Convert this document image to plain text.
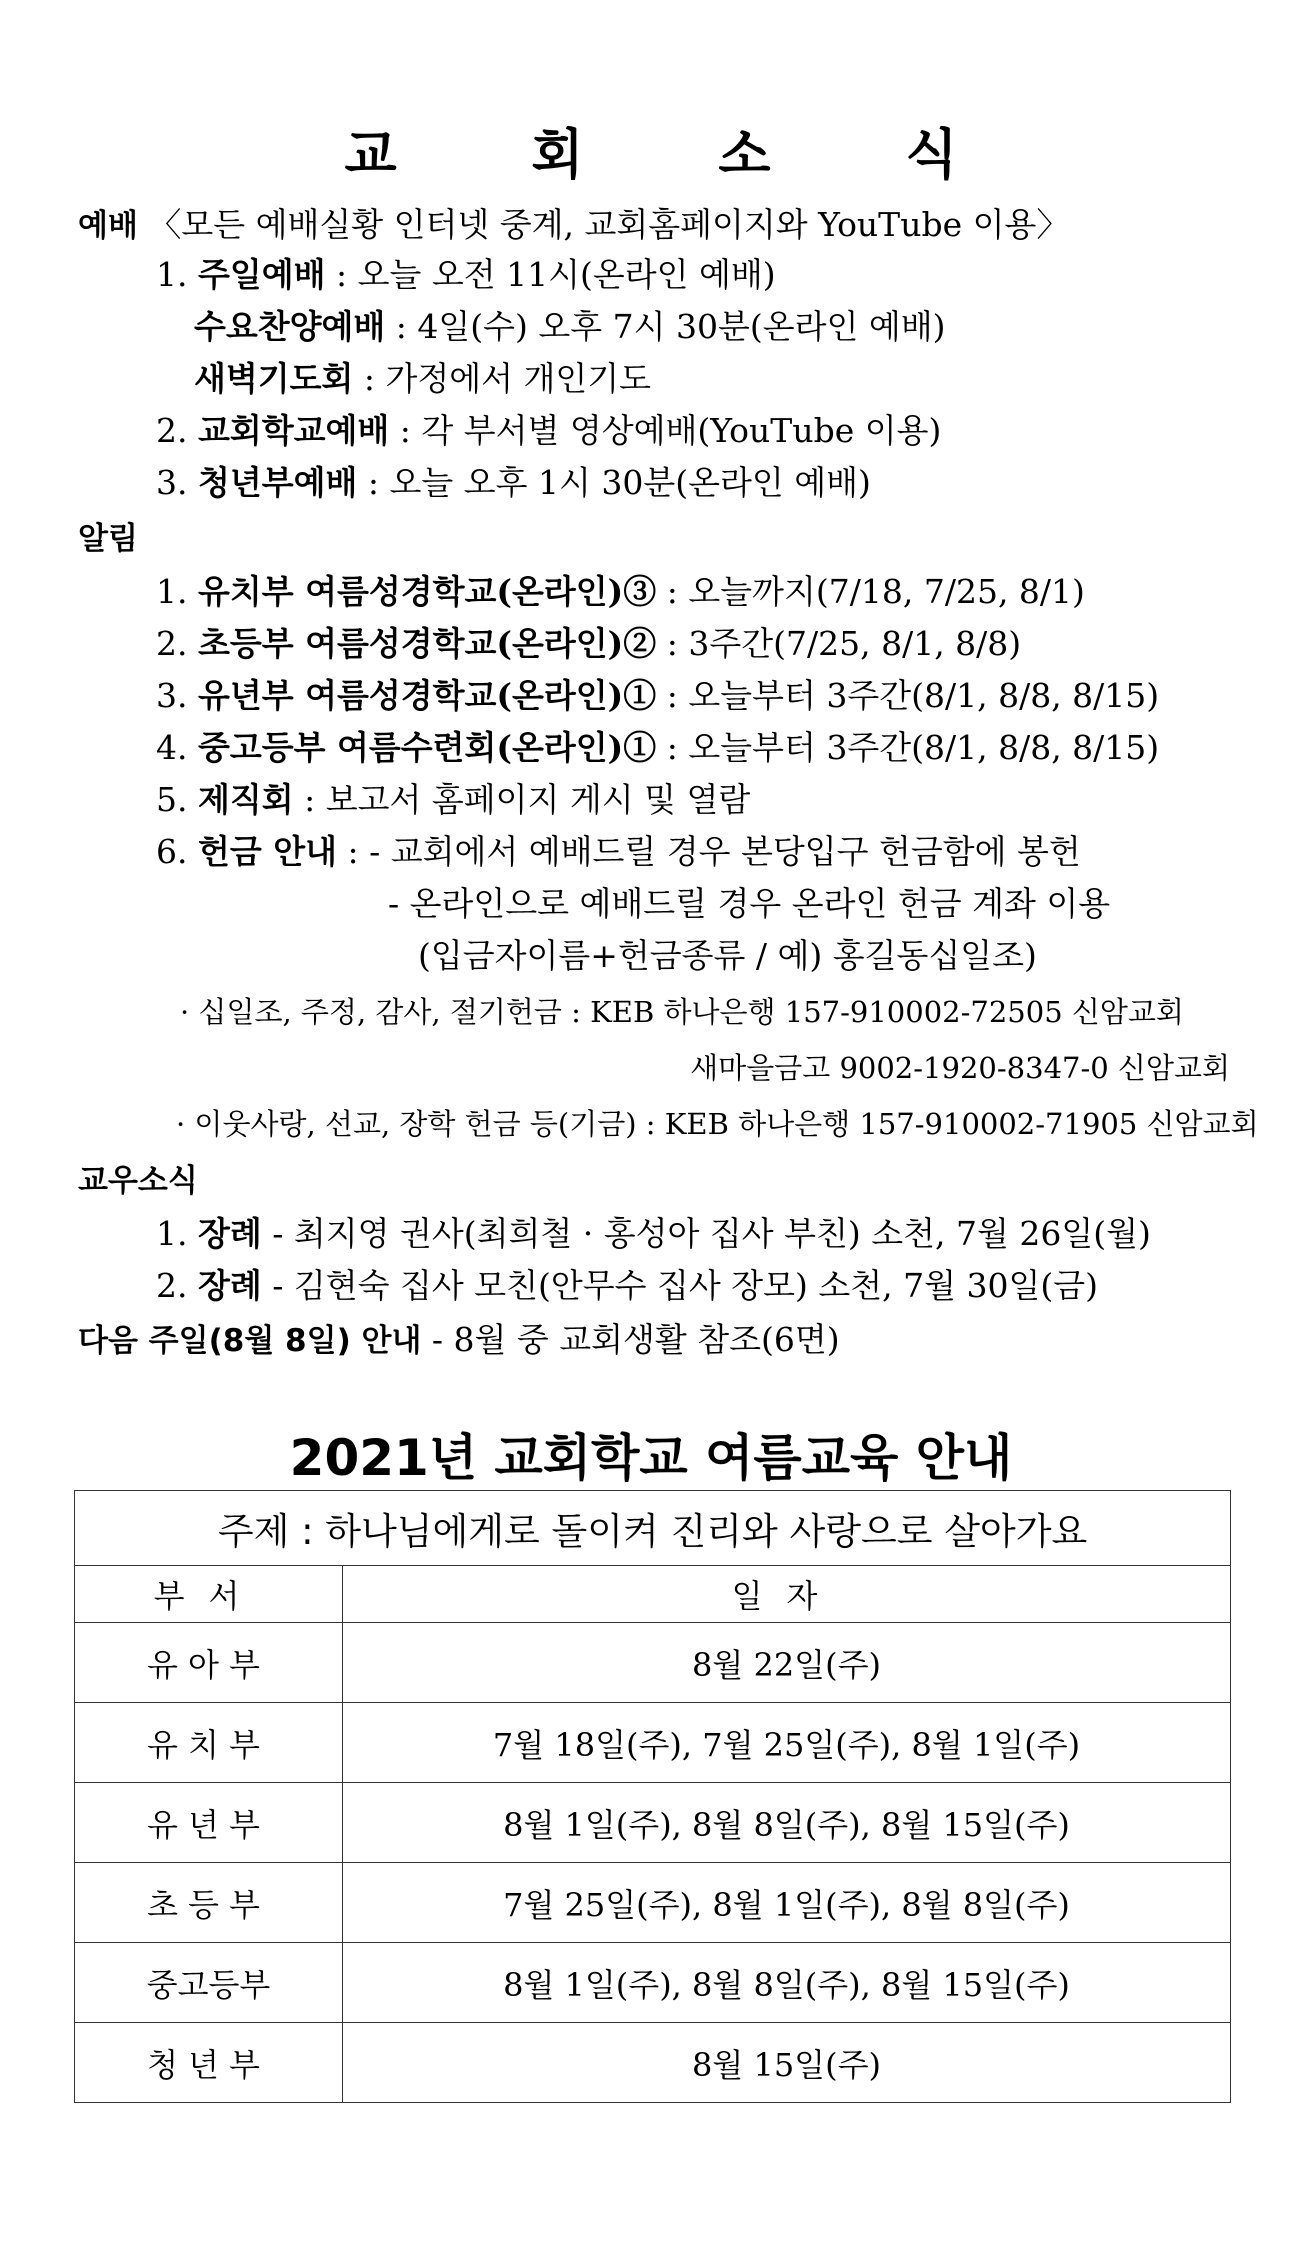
교 회 소 식
예배 〈모든 예배실황 인터넷 중계, 교회홈페이지와 YouTube 이용〉
1. 주일예배 : 오늘 오전 11시(온라인 예배)
수요찬양예배 : 4일(수) 오후 7시 30분(온라인 예배)
새벽기도회 : 가정에서 개인기도
2. 교회학교예배 : 각 부서별 영상예배(YouTube 이용)
3. 청년부예배 : 오늘 오후 1시 30분(온라인 예배)
알림
1. 유치부 여름성경학교(온라인)③ : 오늘까지(7/18, 7/25, 8/1)
2. 초등부 여름성경학교(온라인)② : 3주간(7/25, 8/1, 8/8)
3. 유년부 여름성경학교(온라인)① : 오늘부터 3주간(8/1, 8/8, 8/15)
4. 중고등부 여름수련회(온라인)① : 오늘부터 3주간(8/1, 8/8, 8/15)
5. 제직회 : 보고서 홈페이지 게시 및 열람
6. 헌금 안내 : - 교회에서 예배드릴 경우 본당입구 헌금함에 봉헌
- 온라인으로 예배드릴 경우 온라인 헌금 계좌 이용
(입금자이름+헌금종류 / 예) 홍길동십일조)
· 십일조, 주정, 감사, 절기헌금 : KEB 하나은행 157-910002-72505 신암교회
새마을금고 9002-1920-8347-0 신암교회
· 이웃사랑, 선교, 장학 헌금 등(기금) : KEB 하나은행 157-910002-71905 신암교회
교우소식
1. 장례 - 최지영 권사(최희철 · 홍성아 집사 부친) 소천, 7월 26일(월)
2. 장례 - 김현숙 집사 모친(안무수 집사 장모) 소천, 7월 30일(금)
다음 주일(8월 8일) 안내 - 8월 중 교회생활 참조(6면)
2021년 교회학교 여름교육 안내
주제 : 하나님에게로 돌이켜 진리와 사랑으로 살아가요	
부서	일자
유아부	8월 22일(주)
유치부	7월 18일(주), 7월 25일(주), 8월 1일(주)
유년부	8월 1일(주), 8월 8일(주), 8월 15일(주)
초등부	7월 25일(주), 8월 1일(주), 8월 8일(주)
중고등부	8월 1일(주), 8월 8일(주), 8월 15일(주)
청년부	8월 15일(주)
